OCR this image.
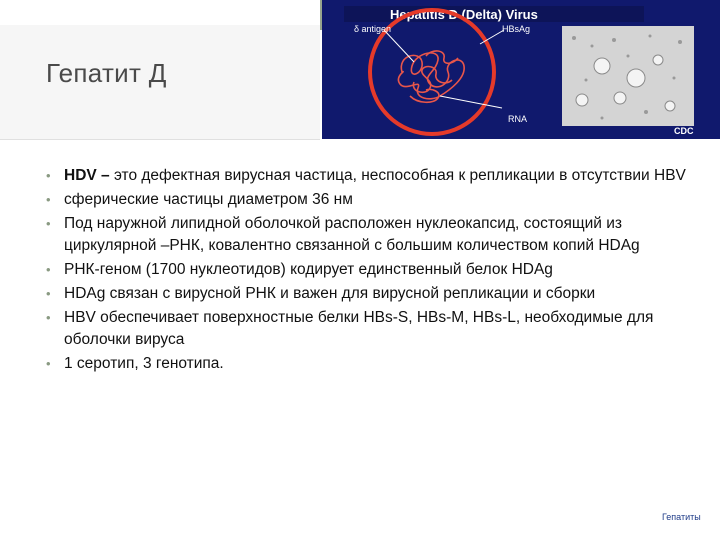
Гепатит Д
Hepatitis D (Delta) Virus
δ antigen	HBsAg
RNA
CDC
• HDV – это дефектная вирусная частица, неспособная к репликации в отсутствии HBV
• сферические частицы диаметром 36 нм
• Под наружной липидной оболочкой расположен нуклеокапсид, состоящий из циркулярной –РНК, ковалентно связанной с большим количеством копий HDAg
• РНК-геном (1700 нуклеотидов) кодирует единственный белок HDAg
• HDAg связан с вирусной РНК и важен для вирусной репликации и сборки
• HBV обеспечивает поверхностные белки HBs-S, HBs-M, HBs-L, необходимые для оболочки вируса
• 1 серотип, 3 генотипа.
Гепатиты
